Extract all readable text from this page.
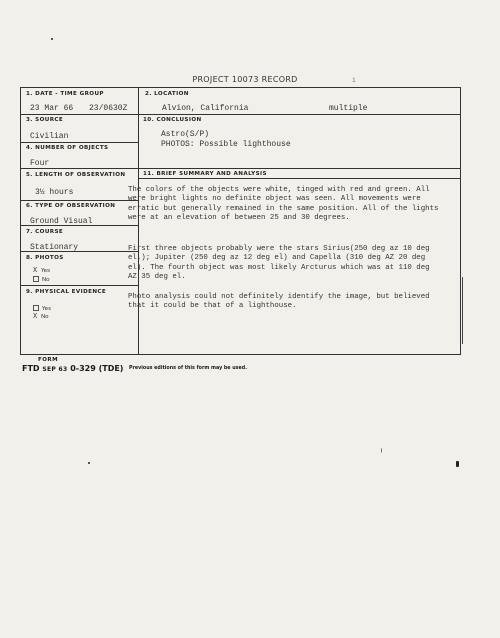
PROJECT 10073 RECORD	1
1. DATE - TIME GROUP
23 Mar 66 23/0630Z
2. LOCATION
Alvion, California	multiple
3. SOURCE
Civilian
10. CONCLUSION
Astro(S/P)
PHOTOS: Possible lighthouse
4. NUMBER OF OBJECTS
Four
5. LENGTH OF OBSERVATION
3½ hours
11. BRIEF SUMMARY AND ANALYSIS
6. TYPE OF OBSERVATION
Ground Visual
7. COURSE
Stationary
8. PHOTOS
X Yes
No
9. PHYSICAL EVIDENCE
Yes
X No
The colors of the objects were white, tinged with red and green. All were bright lights no definite object was seen. All movements were erratic but generally remained in the same position. All of the lights were at an elevation of between 25 and 30 degrees.
First three objects probably were the stars Sirius(250 deg az 10 deg el.); Jupiter (250 deg az 12 deg el) and Capella (310 deg AZ 20 deg el). The fourth object was most likely Arcturus which was at 110 deg AZ 35 deg el.
Photo analysis could not definitely identify the image, but believed that it could be that of a lighthouse.
FORM
FTD SEP 63 0-329 (TDE) Previous editions of this form may be used.
